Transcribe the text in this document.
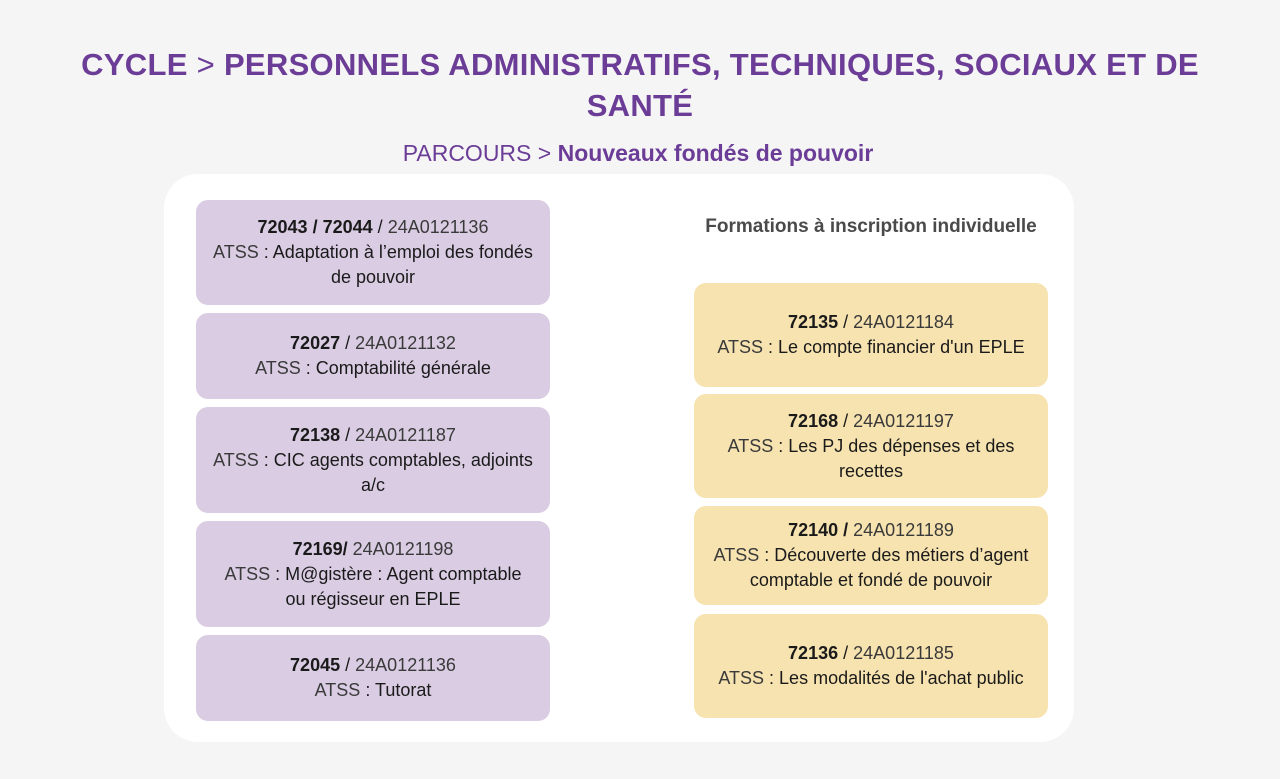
CYCLE > PERSONNELS ADMINISTRATIFS, TECHNIQUES, SOCIAUX ET DE SANTÉ
PARCOURS > Nouveaux fondés de pouvoir
72043 / 72044 / 24A0121136
ATSS : Adaptation à l’emploi des fondés de pouvoir
72027 / 24A0121132
ATSS : Comptabilité générale
72138 / 24A0121187
ATSS : CIC agents comptables, adjoints a/c
72169/ 24A0121198
ATSS : M@gistère : Agent comptable ou régisseur en EPLE
72045 / 24A0121136
ATSS : Tutorat
Formations à inscription individuelle
72135 / 24A0121184
ATSS : Le compte financier d'un EPLE
72168 / 24A0121197
ATSS : Les PJ des dépenses et des recettes
72140 / 24A0121189
ATSS : Découverte des métiers d’agent comptable et fondé de pouvoir
72136 / 24A0121185
ATSS : Les modalités de l'achat public
